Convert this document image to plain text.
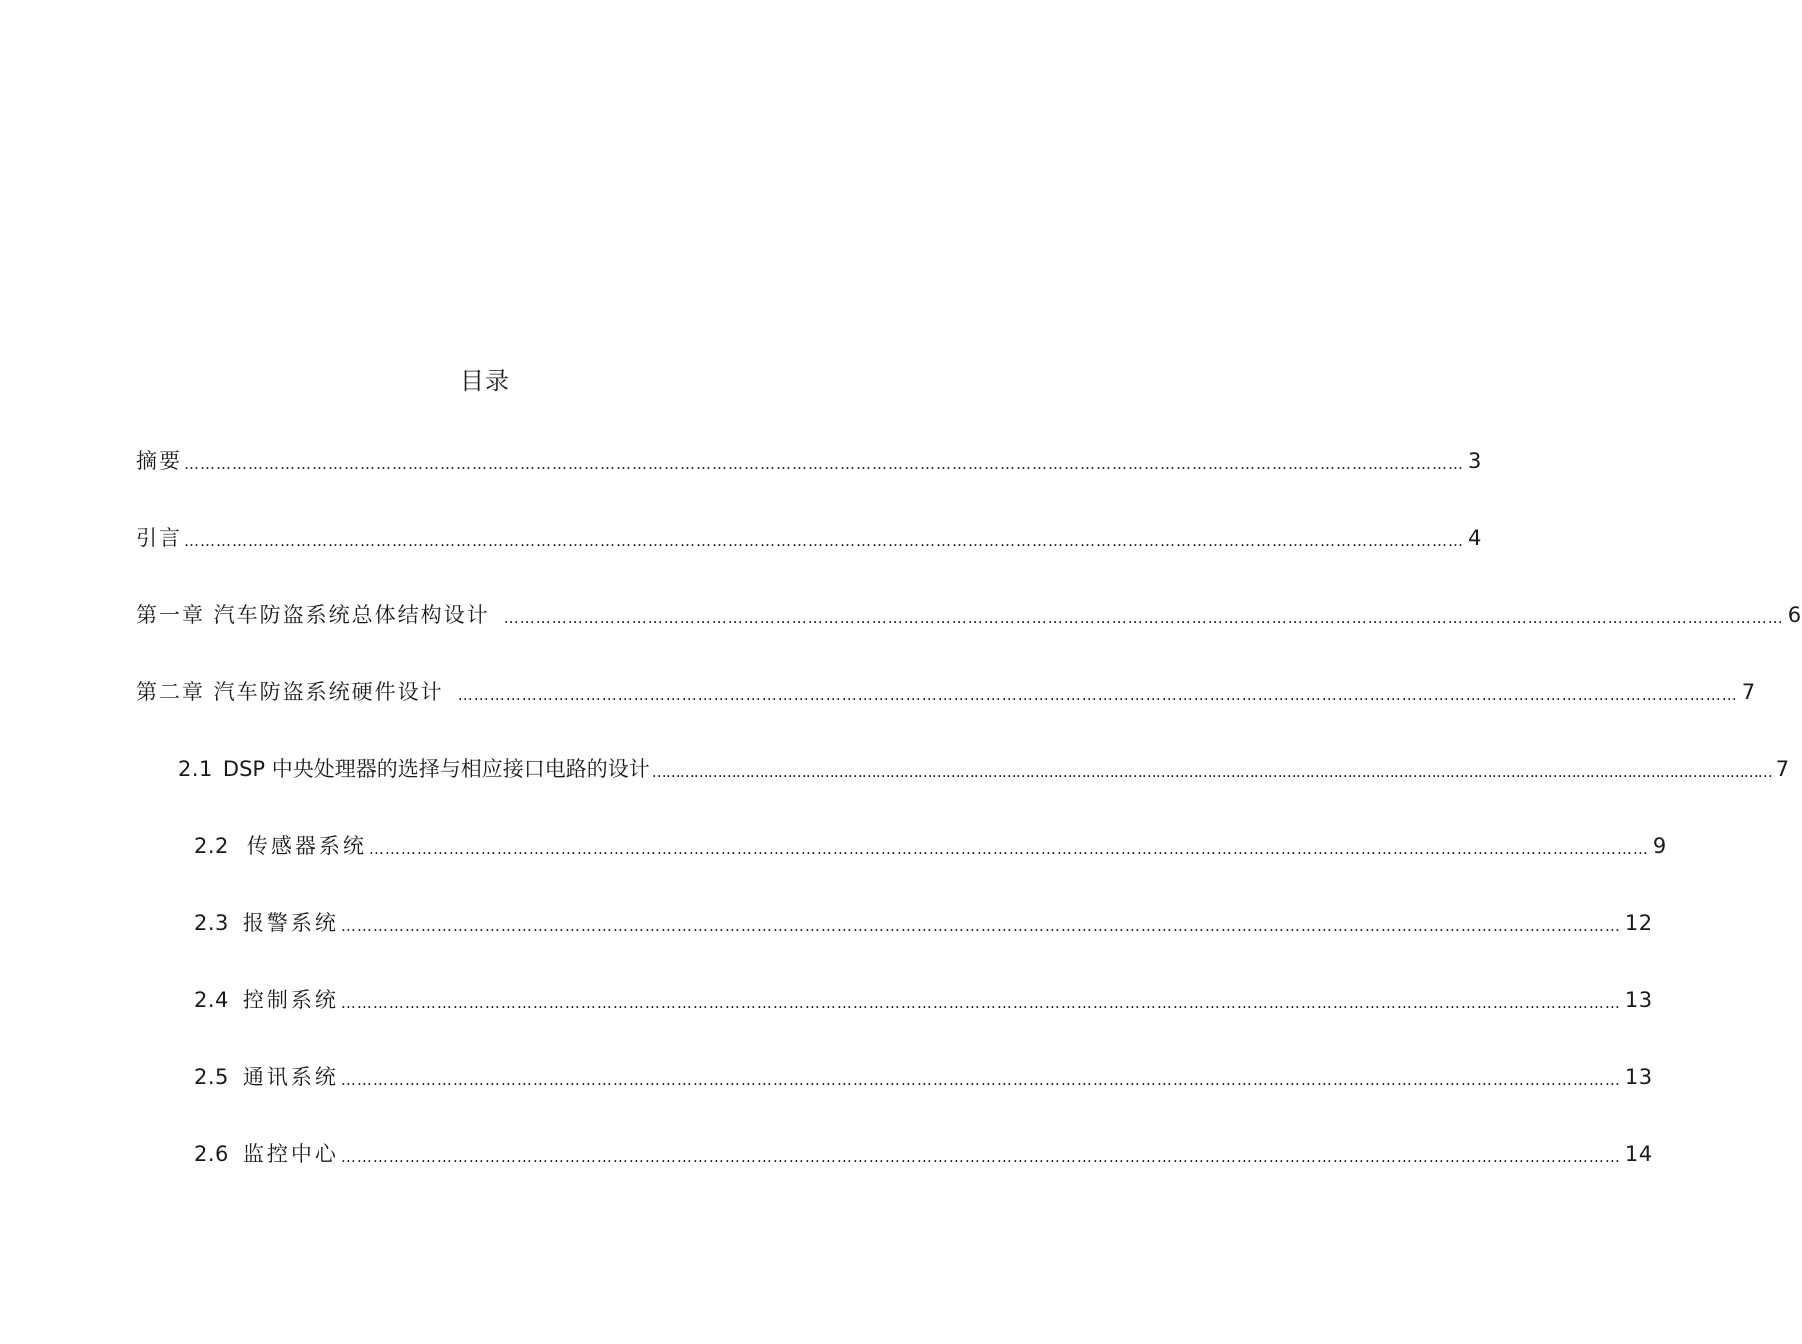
目录
摘要 …………………………………………………………………………………………………………………………………………………………………………………………………………………… 3
引言 …………………………………………………………………………………………………………………………………………………………………………………………………………………… 4
第一章 汽车防盗系统总体结构设计 …………………………………………………………………………………………………………………………………………………………………………………………………………………… 6
第二章 汽车防盗系统硬件设计 …………………………………………………………………………………………………………………………………………………………………………………………………………………… 7
2.1 DSP 中央处理器的选择与相应接口电路的设计 …………………………………………………………………………………………………………………………………………………………………………………………………………………… 7
2.2 传感器系统 …………………………………………………………………………………………………………………………………………………………………………………………………………………… 9
2.3 报警系统 …………………………………………………………………………………………………………………………………………………………………………………………………………………… 12
2.4 控制系统 …………………………………………………………………………………………………………………………………………………………………………………………………………………… 13
2.5 通讯系统 …………………………………………………………………………………………………………………………………………………………………………………………………………………… 13
2.6 监控中心 …………………………………………………………………………………………………………………………………………………………………………………………………………………… 14
